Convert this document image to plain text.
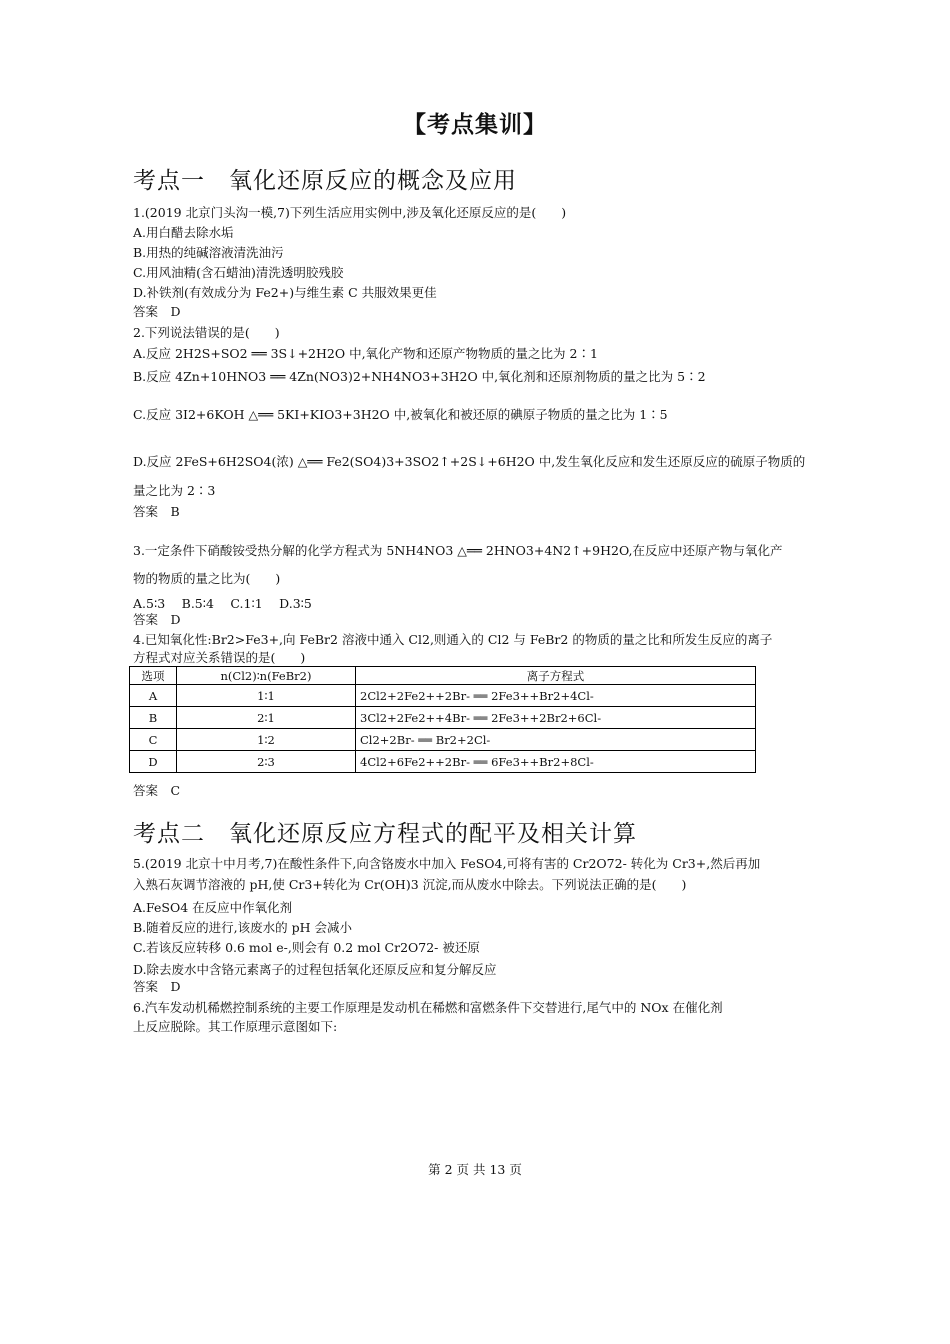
【考点集训】
考点一　氧化还原反应的概念及应用
1.(2019 北京门头沟一模,7)下列生活应用实例中,涉及氧化还原反应的是(　　)
A.用白醋去除水垢
B.用热的纯碱溶液清洗油污
C.用风油精(含石蜡油)清洗透明胶残胶
D.补铁剂(有效成分为 Fe2+)与维生素 C 共服效果更佳
答案　D
2.下列说法错误的是(　　)
A.反应 2H2S+SO2 ══ 3S↓+2H2O 中,氧化产物和还原产物物质的量之比为 2∶1
B.反应 4Zn+10HNO3 ══ 4Zn(NO3)2+NH4NO3+3H2O 中,氧化剂和还原剂物质的量之比为 5∶2
C.反应 3I2+6KOH △══ 5KI+KIO3+3H2O 中,被氧化和被还原的碘原子物质的量之比为 1∶5
D.反应 2FeS+6H2SO4(浓) △══ Fe2(SO4)3+3SO2↑+2S↓+6H2O 中,发生氧化反应和发生还原反应的硫原子物质的
量之比为 2∶3
答案　B
3.一定条件下硝酸铵受热分解的化学方程式为 5NH4NO3 △══ 2HNO3+4N2↑+9H2O,在反应中还原产物与氧化产
物的物质的量之比为(　　)
A.5∶3　 B.5∶4　 C.1∶1　 D.3∶5
答案　D
4.已知氧化性:Br2>Fe3+,向 FeBr2 溶液中通入 Cl2,则通入的 Cl2 与 FeBr2 的物质的量之比和所发生反应的离子
方程式对应关系错误的是(　　)
选项	n(Cl2)∶n(FeBr2)	离子方程式
A	1∶1	2Cl2+2Fe2++2Br- ══ 2Fe3++Br2+4Cl-
B	2∶1	3Cl2+2Fe2++4Br- ══ 2Fe3++2Br2+6Cl-
C	1∶2	Cl2+2Br- ══ Br2+2Cl-
D	2∶3	4Cl2+6Fe2++2Br- ══ 6Fe3++Br2+8Cl-
答案　C
考点二　氧化还原反应方程式的配平及相关计算
5.(2019 北京十中月考,7)在酸性条件下,向含铬废水中加入 FeSO4,可将有害的 Cr2O72- 转化为 Cr3+,然后再加
入熟石灰调节溶液的 pH,使 Cr3+转化为 Cr(OH)3 沉淀,而从废水中除去。下列说法正确的是(　　)
A.FeSO4 在反应中作氧化剂
B.随着反应的进行,该废水的 pH 会减小
C.若该反应转移 0.6 mol e-,则会有 0.2 mol Cr2O72- 被还原
D.除去废水中含铬元素离子的过程包括氧化还原反应和复分解反应
答案　D
6.汽车发动机稀燃控制系统的主要工作原理是发动机在稀燃和富燃条件下交替进行,尾气中的 NOx 在催化剂
上反应脱除。其工作原理示意图如下:
第 2 页 共 13 页
